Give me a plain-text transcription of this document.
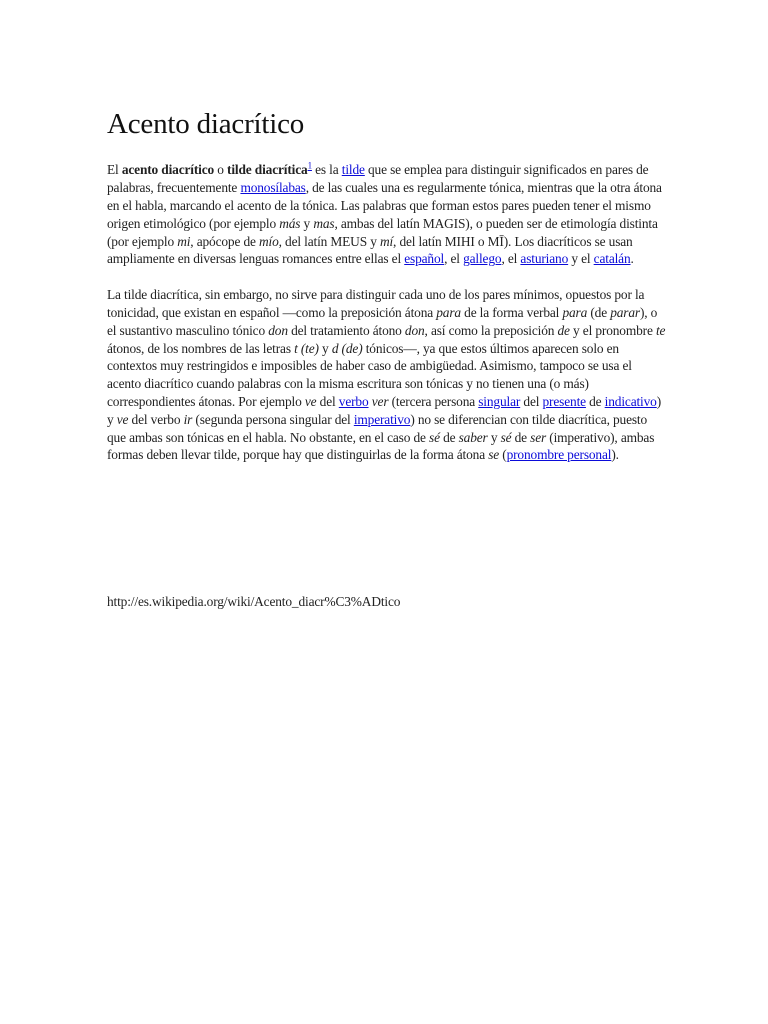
Acento diacrítico

El acento diacrítico o tilde diacrítica$^1$ es la tilde que se emplea para distinguir significados en pares de palabras, frecuentemente monosílabas, de las cuales una es regularmente tónica, mientras que la otra átona en el habla, marcando el acento de la tónica. Las palabras que forman estos pares pueden tener el mismo origen etimológico (por ejemplo más y mas, ambas del latín MAGIS), o pueden ser de etimología distinta (por ejemplo mi, apócope de mío, del latín MEUS y mí, del latín MIHI o MĪ). Los diacríticos se usan ampliamente en diversas lenguas romances entre ellas el español, el gallego, el asturiano y el catalán.

La tilde diacrítica, sin embargo, no sirve para distinguir cada uno de los pares mínimos, opuestos por la tonicidad, que existan en español —como la preposición átona para de la forma verbal para (de parar), o el sustantivo masculino tónico don del tratamiento átono don, así como la preposición de y el pronombre te átonos, de los nombres de las letras t (te) y d (de) tónicos—, ya que estos últimos aparecen solo en contextos muy restringidos e imposibles de haber caso de ambigüedad. Asimismo, tampoco se usa el acento diacrítico cuando palabras con la misma escritura son tónicas y no tienen una (o más) correspondientes átonas. Por ejemplo ve del verbo ver (tercera persona singular del presente de indicativo) y ve del verbo ir (segunda persona singular del imperativo) no se diferencian con tilde diacrítica, puesto que ambas son tónicas en el habla. No obstante, en el caso de sé de saber y sé de ser (imperativo), ambas formas deben llevar tilde, porque hay que distinguirlas de la forma átona se (pronombre personal).

http://es.wikipedia.org/wiki/Acento_diacr%C3%ADtico
